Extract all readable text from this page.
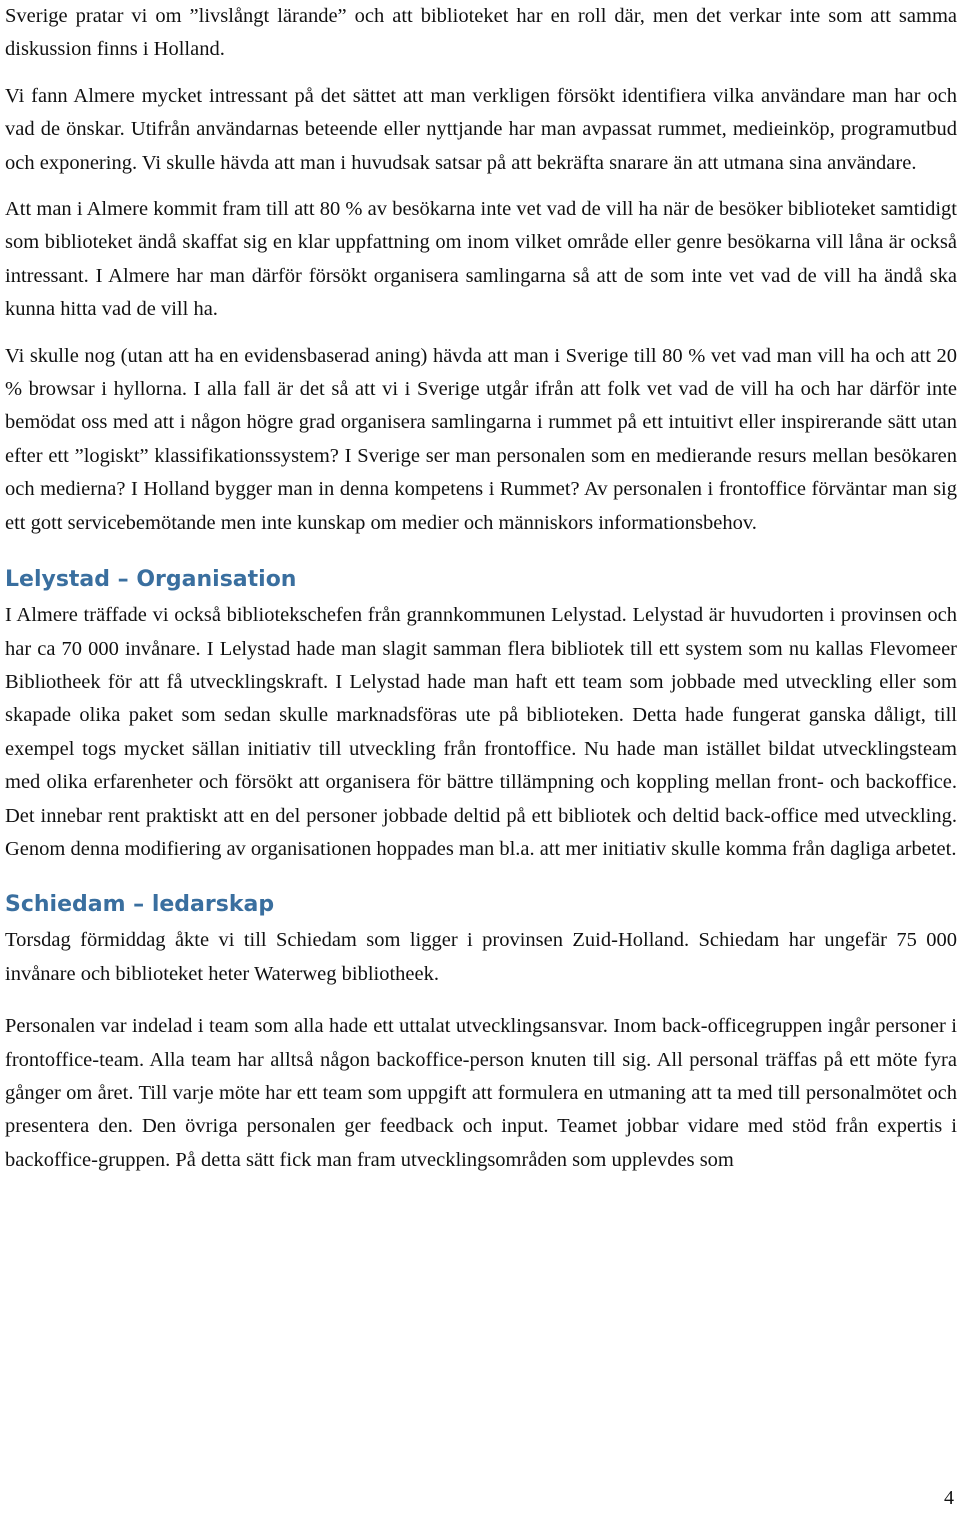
Sverige pratar vi om ”livslångt lärande” och att biblioteket har en roll där, men det verkar inte som att samma diskussion finns i Holland.

Vi fann Almere mycket intressant på det sättet att man verkligen försökt identifiera vilka användare man har och vad de önskar. Utifrån användarnas beteende eller nyttjande har man avpassat rummet, medieinköp, programutbud och exponering. Vi skulle hävda att man i huvudsak satsar på att bekräfta snarare än att utmana sina användare.

Att man i Almere kommit fram till att 80 % av besökarna inte vet vad de vill ha när de besöker biblioteket samtidigt som biblioteket ändå skaffat sig en klar uppfattning om inom vilket område eller genre besökarna vill låna är också intressant. I Almere har man därför försökt organisera samlingarna så att de som inte vet vad de vill ha ändå ska kunna hitta vad de vill ha.

Vi skulle nog (utan att ha en evidensbaserad aning) hävda att man i Sverige till 80 % vet vad man vill ha och att 20 % browsar i hyllorna. I alla fall är det så att vi i Sverige utgår ifrån att folk vet vad de vill ha och har därför inte bemödat oss med att i någon högre grad organisera samlingarna i rummet på ett intuitivt eller inspirerande sätt utan efter ett ”logiskt” klassifikationssystem? I Sverige ser man personalen som en medierande resurs mellan besökaren och medierna? I Holland bygger man in denna kompetens i Rummet? Av personalen i frontoffice förväntar man sig ett gott servicebemötande men inte kunskap om medier och människors informationsbehov.

Lelystad – Organisation

I Almere träffade vi också bibliotekschefen från grannkommunen Lelystad. Lelystad är huvudorten i provinsen och har ca 70 000 invånare. I Lelystad hade man slagit samman flera bibliotek till ett system som nu kallas Flevomeer Bibliotheek för att få utvecklingskraft. I Lelystad hade man haft ett team som jobbade med utveckling eller som skapade olika paket som sedan skulle marknadsföras ute på biblioteken. Detta hade fungerat ganska dåligt, till exempel togs mycket sällan initiativ till utveckling från frontoffice. Nu hade man istället bildat utvecklingsteam med olika erfarenheter och försökt att organisera för bättre tillämpning och koppling mellan front- och backoffice. Det innebar rent praktiskt att en del personer jobbade deltid på ett bibliotek och deltid back-office med utveckling. Genom denna modifiering av organisationen hoppades man bl.a. att mer initiativ skulle komma från dagliga arbetet.

Schiedam – ledarskap

Torsdag förmiddag åkte vi till Schiedam som ligger i provinsen Zuid-Holland. Schiedam har ungefär 75 000 invånare och biblioteket heter Waterweg bibliotheek.

Personalen var indelad i team som alla hade ett uttalat utvecklingsansvar. Inom back-officegruppen ingår personer i frontoffice-team. Alla team har alltså någon backoffice-person knuten till sig. All personal träffas på ett möte fyra gånger om året. Till varje möte har ett team som uppgift att formulera en utmaning att ta med till personalmötet och presentera den. Den övriga personalen ger feedback och input. Teamet jobbar vidare med stöd från expertis i backoffice-gruppen. På detta sätt fick man fram utvecklingsområden som upplevdes som

4
